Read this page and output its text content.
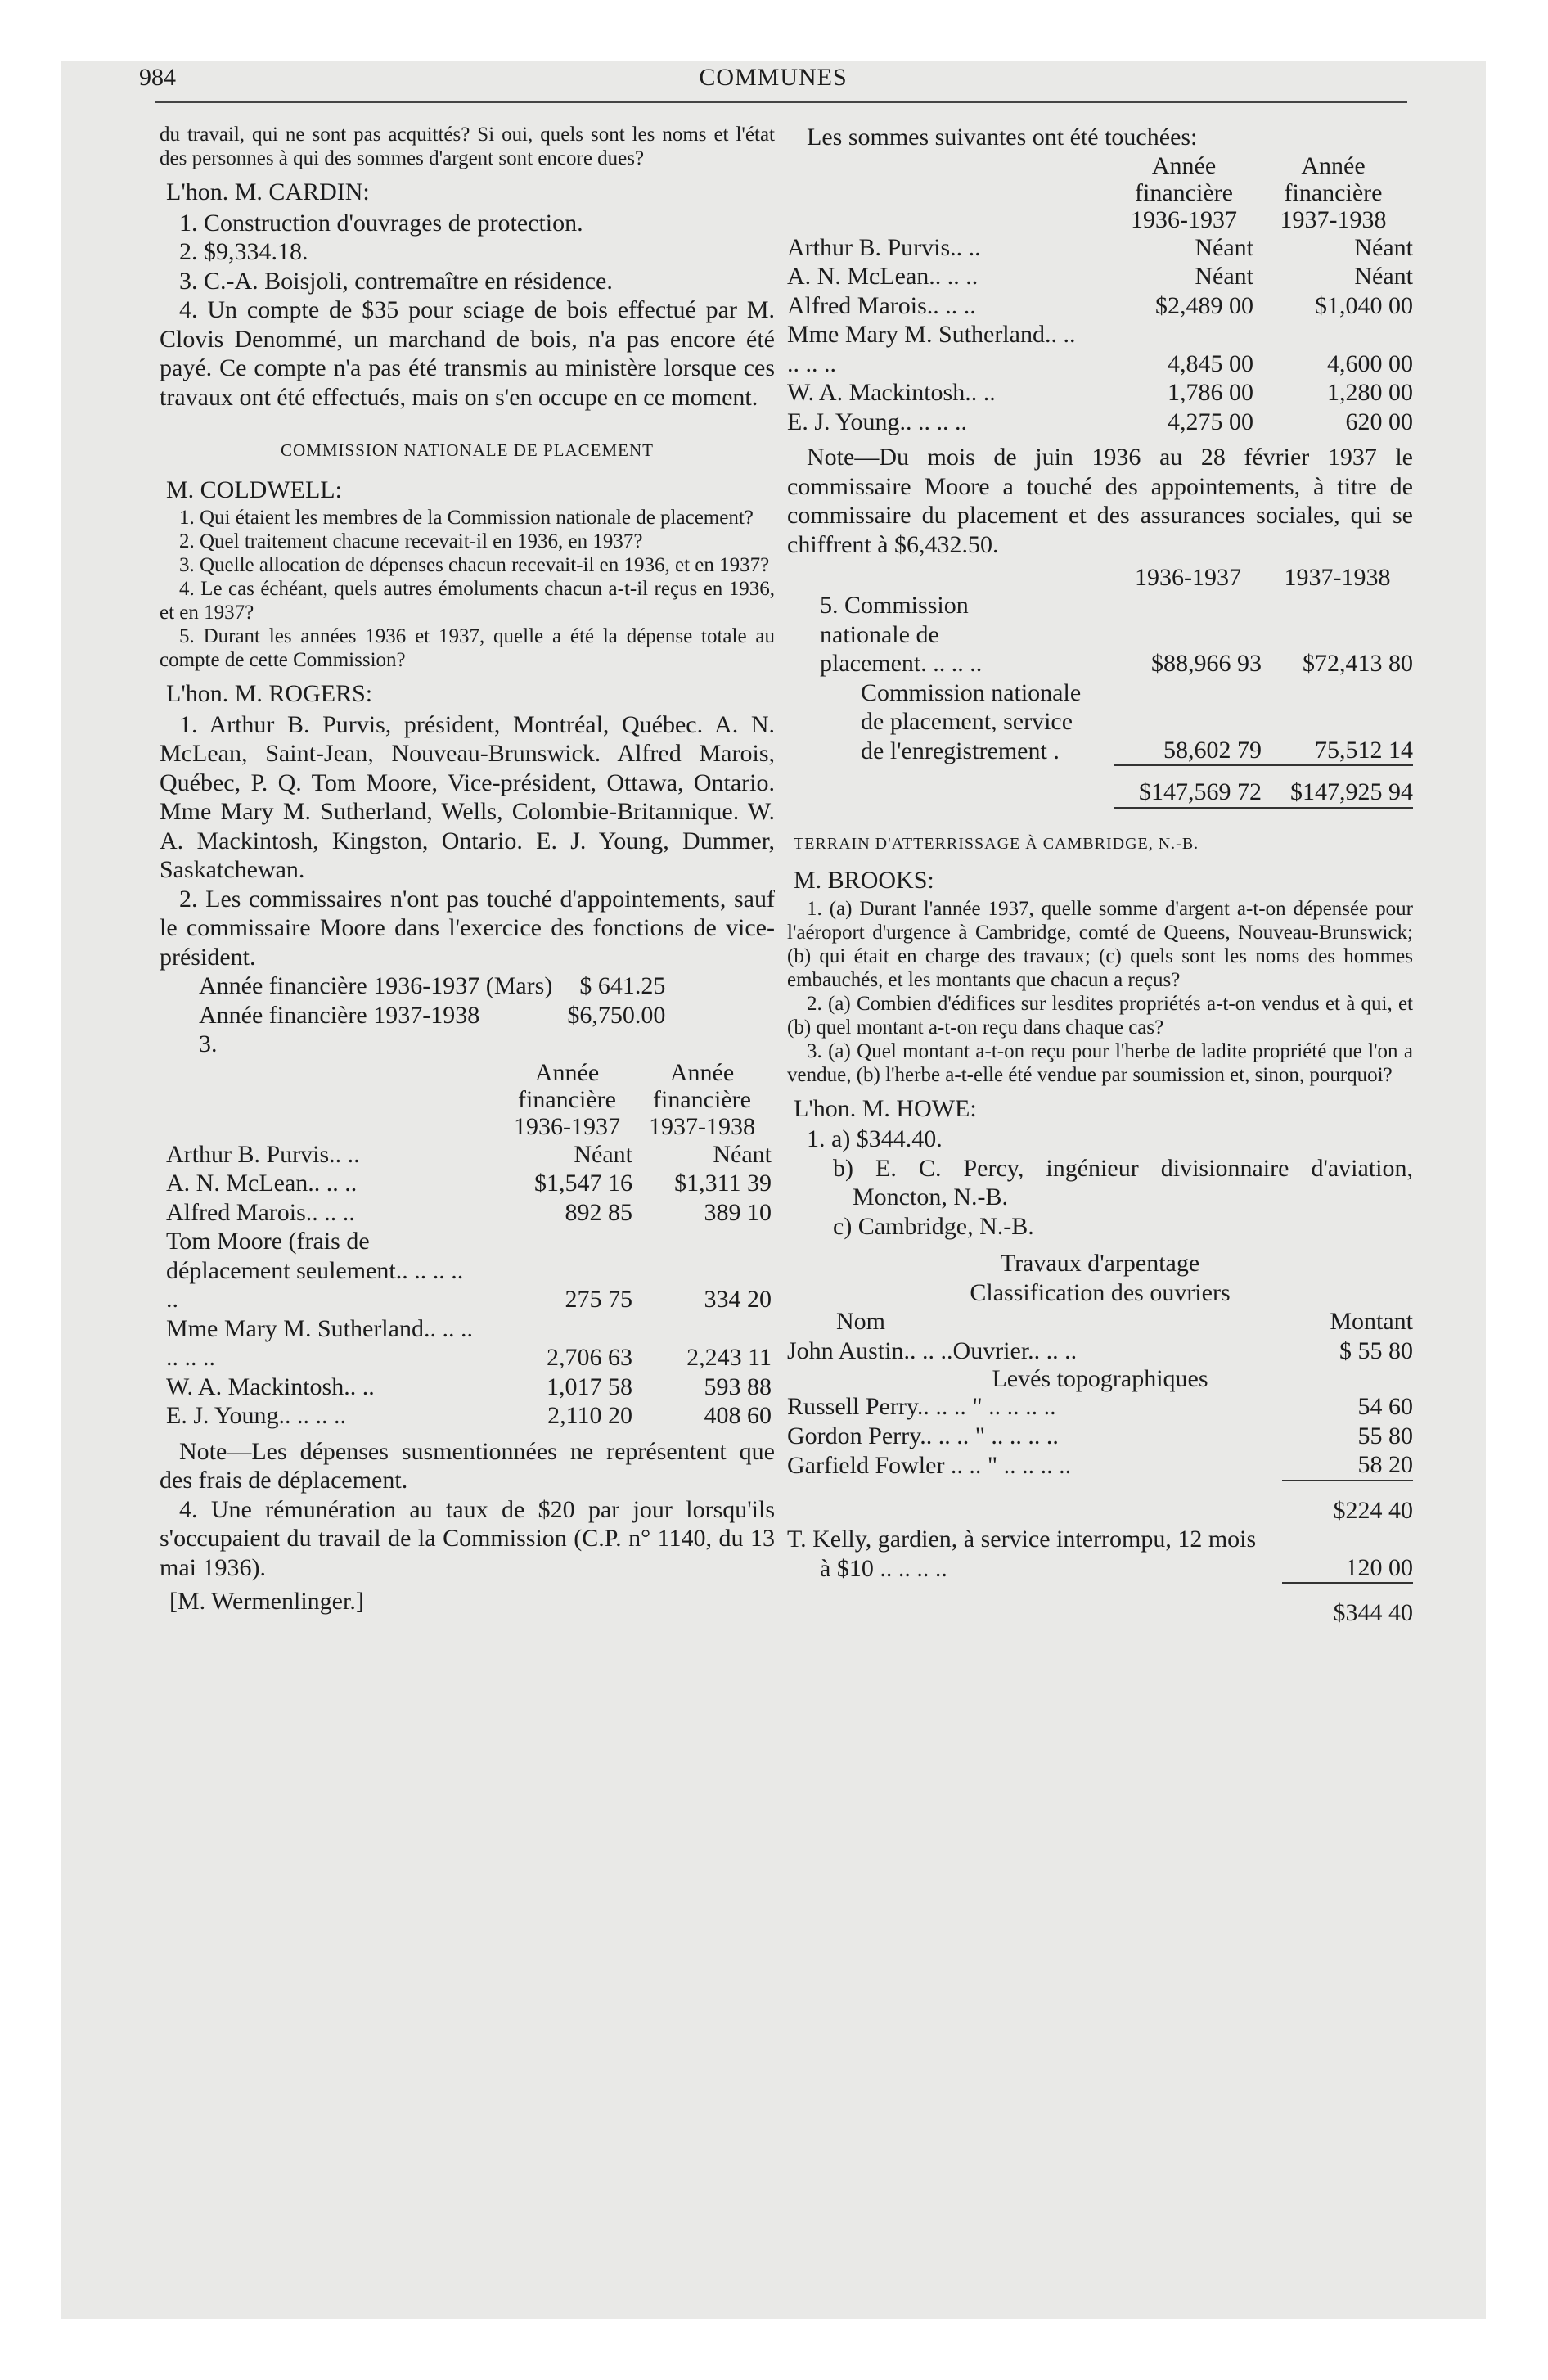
984	COMMUNES

du travail, qui ne sont pas acquittés? Si oui, quels sont les noms et l'état des personnes à qui des sommes d'argent sont encore dues?

L'hon. M. CARDIN:

1. Construction d'ouvrages de protection.

2. $9,334.18.

3. C.-A. Boisjoli, contremaître en résidence.

4. Un compte de $35 pour sciage de bois effectué par M. Clovis Denommé, un marchand de bois, n'a pas encore été payé. Ce compte n'a pas été transmis au ministère lorsque ces travaux ont été effectués, mais on s'en occupe en ce moment.

COMMISSION NATIONALE DE PLACEMENT

M. COLDWELL:

1. Qui étaient les membres de la Commission nationale de placement?

2. Quel traitement chacune recevait-il en 1936, en 1937?

3. Quelle allocation de dépenses chacun recevait-il en 1936, et en 1937?

4. Le cas échéant, quels autres émoluments chacun a-t-il reçus en 1936, et en 1937?

5. Durant les années 1936 et 1937, quelle a été la dépense totale au compte de cette Commission?

L'hon. M. ROGERS:

1. Arthur B. Purvis, président, Montréal, Québec. A. N. McLean, Saint-Jean, Nouveau-Brunswick. Alfred Marois, Québec, P. Q. Tom Moore, Vice-président, Ottawa, Ontario. Mme Mary M. Sutherland, Wells, Colombie-Britannique. W. A. Mackintosh, Kingston, Ontario. E. J. Young, Dummer, Saskatchewan.

2. Les commissaires n'ont pas touché d'appointements, sauf le commissaire Moore dans l'exercice des fonctions de vice-président.

Année financière 1936-1937 (Mars)	$ 641.25
Année financière 1937-1938	$6,750.00

3.

	Année financière 1936-1937	Année financière 1937-1938
Arthur B. Purvis.. ..	Néant	Néant
A. N. McLean.. .. ..	$1,547 16	$1,311 39
Alfred Marois.. .. ..	892 85	389 10
Tom Moore (frais de déplacement seulement.. .. .. .. ..	275 75	334 20
Mme Mary M. Sutherland.. .. .. .. .. ..	2,706 63	2,243 11
W. A. Mackintosh.. ..	1,017 58	593 88
E. J. Young.. .. .. ..	2,110 20	408 60

Note—Les dépenses susmentionnées ne représentent que des frais de déplacement.

4. Une rémunération au taux de $20 par jour lorsqu'ils s'occupaient du travail de la Commission (C.P. n° 1140, du 13 mai 1936).

[M. Wermenlinger.]

Les sommes suivantes ont été touchées:

	Année financière 1936-1937	Année financière 1937-1938
Arthur B. Purvis.. ..	Néant	Néant
A. N. McLean.. .. ..	Néant	Néant
Alfred Marois.. .. ..	$2,489 00	$1,040 00
Mme Mary M. Sutherland.. .. .. .. ..	4,845 00	4,600 00
W. A. Mackintosh.. ..	1,786 00	1,280 00
E. J. Young.. .. .. ..	4,275 00	620 00

Note—Du mois de juin 1936 au 28 février 1937 le commissaire Moore a touché des appointements, à titre de commissaire du placement et des assurances sociales, qui se chiffrent à $6,432.50.

	1936-1937	1937-1938
5. Commission nationale de placement. .. .. ..	$88,966 93	$72,413 80
Commission nationale de placement, service de l'enregistrement .	58,602 79	75,512 14
	$147,569 72	$147,925 94
TERRAIN D'ATTERRISSAGE À CAMBRIDGE, N.-B.

M. BROOKS:

1. (a) Durant l'année 1937, quelle somme d'argent a-t-on dépensée pour l'aéroport d'urgence à Cambridge, comté de Queens, Nouveau-Brunswick; (b) qui était en charge des travaux; (c) quels sont les noms des hommes embauchés, et les montants que chacun a reçus?

2. (a) Combien d'édifices sur lesdites propriétés a-t-on vendus et à qui, et (b) quel montant a-t-on reçu dans chaque cas?

3. (a) Quel montant a-t-on reçu pour l'herbe de ladite propriété que l'on a vendue, (b) l'herbe a-t-elle été vendue par soumission et, sinon, pourquoi?

L'hon. M. HOWE:

1. a) $344.40.

b) E. C. Percy, ingénieur divisionnaire d'aviation, Moncton, N.-B.

c) Cambridge, N.-B.

Travaux d'arpentage

Classification des ouvriers

Nom	Montant
John Austin.. .. ..Ouvrier.. .. ..	$ 55 80
Levés topographiques	
Russell Perry.. .. .. " .. .. .. ..	54 60
Gordon Perry.. .. .. " .. .. .. ..	55 80
Garfield Fowler .. .. " .. .. .. ..	58 20
	$224 40
T. Kelly, gardien, à service interrompu, 12 mois à $10 .. .. .. ..	120 00
	$344 40
